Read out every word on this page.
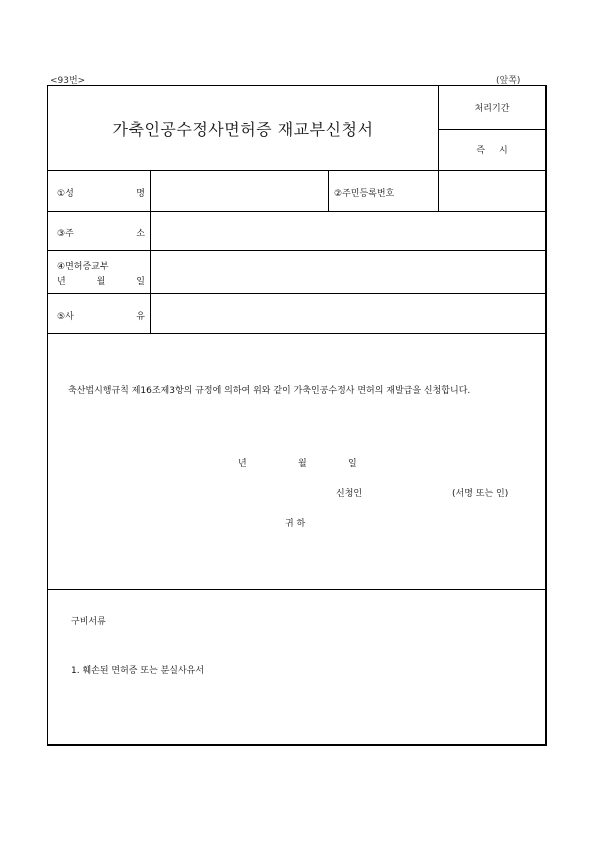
<93번>	(앞쪽)
가축인공수정사면허증 재교부신청서
처리기간
즉시
①성	명	②주민등록번호
③주	소
④면허증교부
년	월	일
⑤사	유
축산법시행규칙 제16조제3항의 규정에 의하여 위와 같이 가축인공수정사 면허의 재발급을 신청합니다.
년	월	일
신청인	(서명 또는 인)
귀 하
구비서류
1. 훼손된 면허증 또는 분실사유서
